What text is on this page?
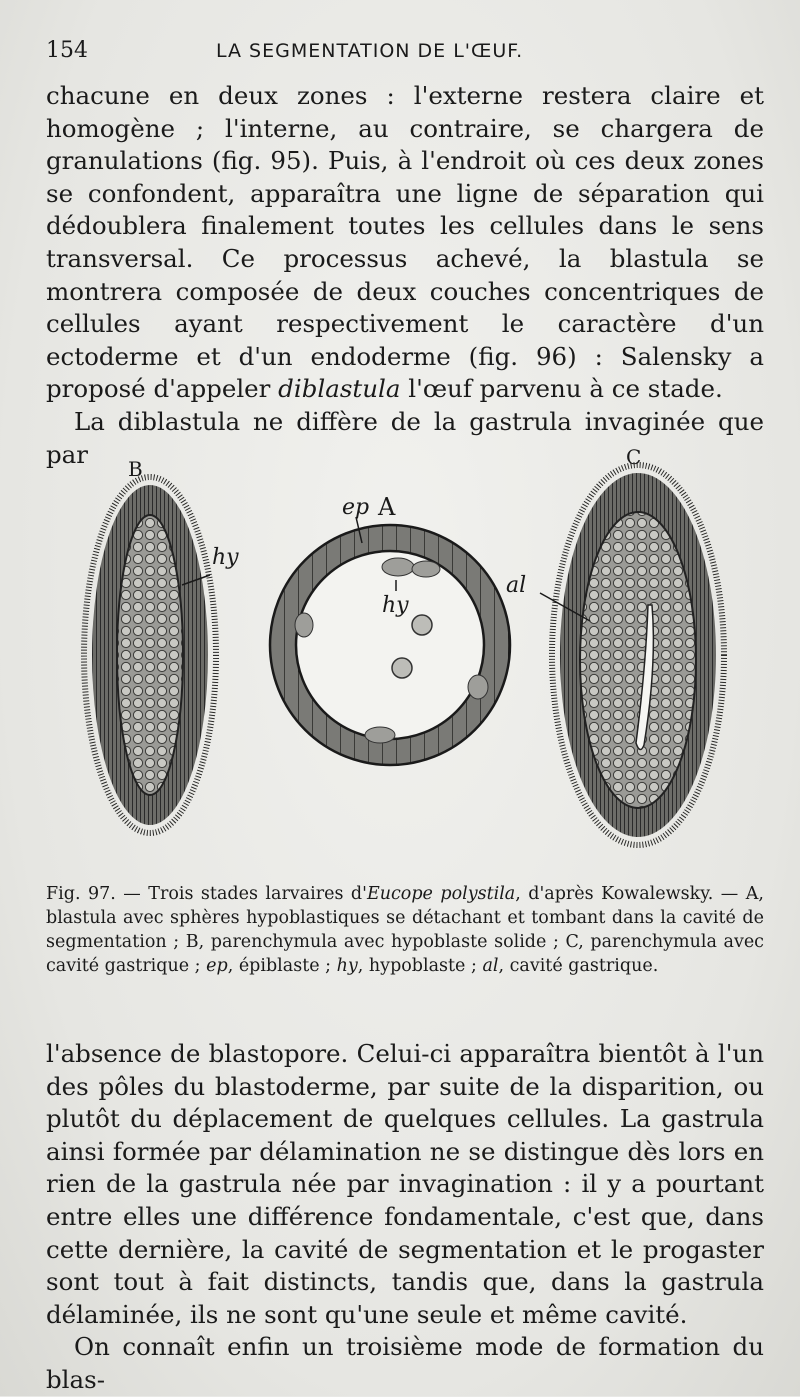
154	LA SEGMENTATION DE L'ŒUF.

chacune en deux zones : l'externe restera claire et homogène ; l'interne, au contraire, se chargera de granulations (fig. 95). Puis, à l'endroit où ces deux zones se confondent, apparaîtra une ligne de séparation qui dédoublera finalement toutes les cellules dans le sens transversal. Ce processus achevé, la blastula se montrera composée de deux couches concentriques de cellules ayant respectivement le caractère d'un ectoderme et d'un endoderme (fig. 96) : Salensky a proposé d'appeler diblastula l'œuf parvenu à ce stade.

La diblastula ne diffère de la gastrula invaginée que par

B
A
C
ep
hy
hy
al
Fig. 97. — Trois stades larvaires d'Eucope polystila, d'après Kowalewsky. — A, blastula avec sphères hypoblastiques se détachant et tombant dans la cavité de segmentation ; B, parenchymula avec hypoblaste solide ; C, parenchymula avec cavité gastrique ; ep, épiblaste ; hy, hypoblaste ; al, cavité gastrique.

l'absence de blastopore. Celui-ci apparaîtra bientôt à l'un des pôles du blastoderme, par suite de la disparition, ou plutôt du déplacement de quelques cellules. La gastrula ainsi formée par délamination ne se distingue dès lors en rien de la gastrula née par invagination : il y a pourtant entre elles une différence fondamentale, c'est que, dans cette dernière, la cavité de segmentation et le progaster sont tout à fait distincts, tandis que, dans la gastrula délaminée, ils ne sont qu'une seule et même cavité.

On connaît enfin un troisième mode de formation du blas-
